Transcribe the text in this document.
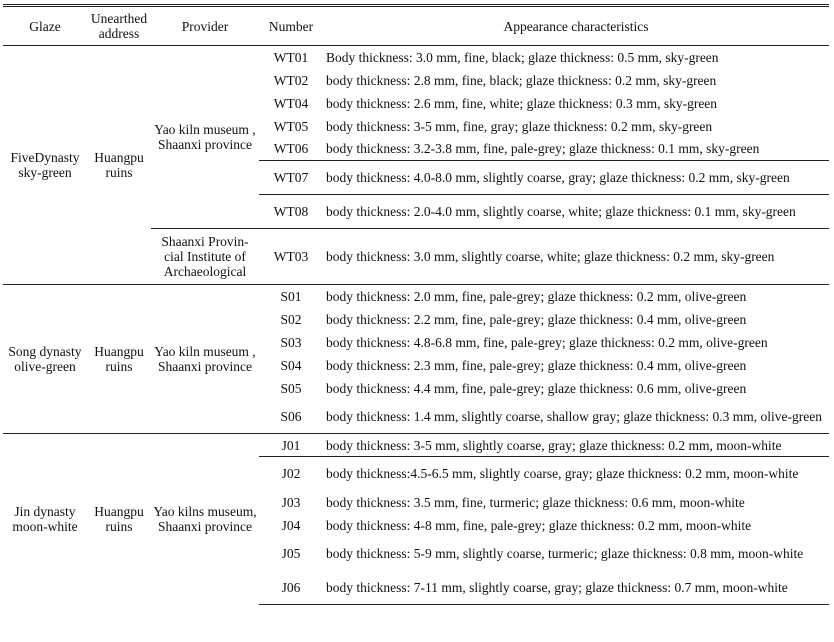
Glaze	Unearthed address	Provider	Number	Appearance characteristics
FiveDynasty sky-green	Huangpu ruins	Yao kiln museum , Shaanxi province	WT01	Body thickness: 3.0 mm, fine, black; glaze thickness: 0.5 mm, sky-green
			WT02	body thickness: 2.8 mm, fine, black; glaze thickness: 0.2 mm, sky-green
			WT04	body thickness: 2.6 mm, fine, white; glaze thickness: 0.3 mm, sky-green
			WT05	body thickness: 3-5 mm, fine, gray; glaze thickness: 0.2 mm, sky-green
			WT06	body thickness: 3.2-3.8 mm, fine, pale-grey; glaze thickness: 0.1 mm, sky-green
			WT07	body thickness: 4.0-8.0 mm, slightly coarse, gray; glaze thickness: 0.2 mm, sky-green
			WT08	body thickness: 2.0-4.0 mm, slightly coarse, white; glaze thickness: 0.1 mm, sky-green
		Shaanxi Provin-cial Institute of Archaeological	WT03	body thickness: 3.0 mm, slightly coarse, white; glaze thickness: 0.2 mm, sky-green
Song dynasty olive-green	Huangpu ruins	Yao kiln museum , Shaanxi province	S01	body thickness: 2.0 mm, fine, pale-grey; glaze thickness: 0.2 mm, olive-green
			S02	body thickness: 2.2 mm, fine, pale-grey; glaze thickness: 0.4 mm, olive-green
			S03	body thickness: 4.8-6.8 mm, fine, pale-grey; glaze thickness: 0.2 mm, olive-green
			S04	body thickness: 2.3 mm, fine, pale-grey; glaze thickness: 0.4 mm, olive-green
			S05	body thickness: 4.4 mm, fine, pale-grey; glaze thickness: 0.6 mm, olive-green
			S06	body thickness: 1.4 mm, slightly coarse, shallow gray; glaze thickness: 0.3 mm, olive-green
Jin dynasty moon-white	Huangpu ruins	Yao kilns museum, Shaanxi province	J01	body thickness: 3-5 mm, slightly coarse, gray; glaze thickness: 0.2 mm, moon-white
			J02	body thickness:4.5-6.5 mm, slightly coarse, gray; glaze thickness: 0.2 mm, moon-white
			J03	body thickness: 3.5 mm, fine, turmeric; glaze thickness: 0.6 mm, moon-white
			J04	body thickness: 4-8 mm, fine, pale-grey; glaze thickness: 0.2 mm, moon-white
			J05	body thickness: 5-9 mm, slightly coarse, turmeric; glaze thickness: 0.8 mm, moon-white
			J06	body thickness: 7-11 mm, slightly coarse, gray; glaze thickness: 0.7 mm, moon-white
